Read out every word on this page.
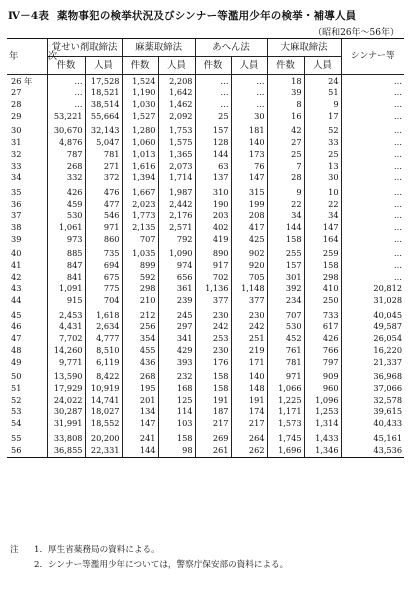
Ⅳ－4表 薬物事犯の検挙状況及びシンナー等濫用少年の検挙・補導人員
（昭和26年～56年）
年　次	覚せい剤取締法		麻薬取締法		あへん法		大麻取締法		シンナー等
	件数	人員	件数	人員	件数	人員	件数	人員	
26 年	…	17,528	1,524	2,208	…	…	18	24	…
27	…	18,521	1,190	1,642	…	…	39	51	…
28	…	38,514	1,030	1,462	…	…	8	9	…
29	53,221	55,664	1,527	2,092	25	30	16	17	…
30	30,670	32,143	1,280	1,753	157	181	42	52	…
31	4,876	5,047	1,060	1,575	128	140	27	33	…
32	787	781	1,013	1,365	144	173	25	25	…
33	268	271	1,616	2,073	63	76	7	13	…
34	332	372	1,394	1,714	137	147	28	30	…
35	426	476	1,667	1,987	310	315	9	10	…
36	459	477	2,023	2,442	190	199	22	22	…
37	530	546	1,773	2,176	203	208	34	34	…
38	1,061	971	2,135	2,571	402	417	144	147	…
39	973	860	707	792	419	425	158	164	…
40	885	735	1,035	1,090	890	902	255	259	…
41	847	694	899	974	917	920	157	158	…
42	841	675	592	656	702	705	301	298	…
43	1,091	775	298	361	1,136	1,148	392	410	20,812
44	915	704	210	239	377	377	234	250	31,028
45	2,453	1,618	212	245	230	230	707	733	40,045
46	4,431	2,634	256	297	242	242	530	617	49,587
47	7,702	4,777	354	341	253	251	452	426	26,054
48	14,260	8,510	455	429	230	219	761	766	16,220
49	9,771	6,119	436	393	176	171	781	797	21,337
50	13,590	8,422	268	232	158	140	971	909	36,968
51	17,929	10,919	195	168	158	148	1,066	960	37,066
52	24,022	14,741	201	125	191	191	1,225	1,096	32,578
53	30,287	18,027	134	114	187	174	1,171	1,253	39,615
54	31,991	18,552	147	103	217	217	1,573	1,314	40,433
55	33,808	20,200	241	158	269	264	1,745	1,433	45,161
56	36,855	22,331	144	98	261	262	1,696	1,346	43,536
注 1. 厚生省薬務局の資料による。
2. シンナー等濫用少年については，警察庁保安部の資料による。
